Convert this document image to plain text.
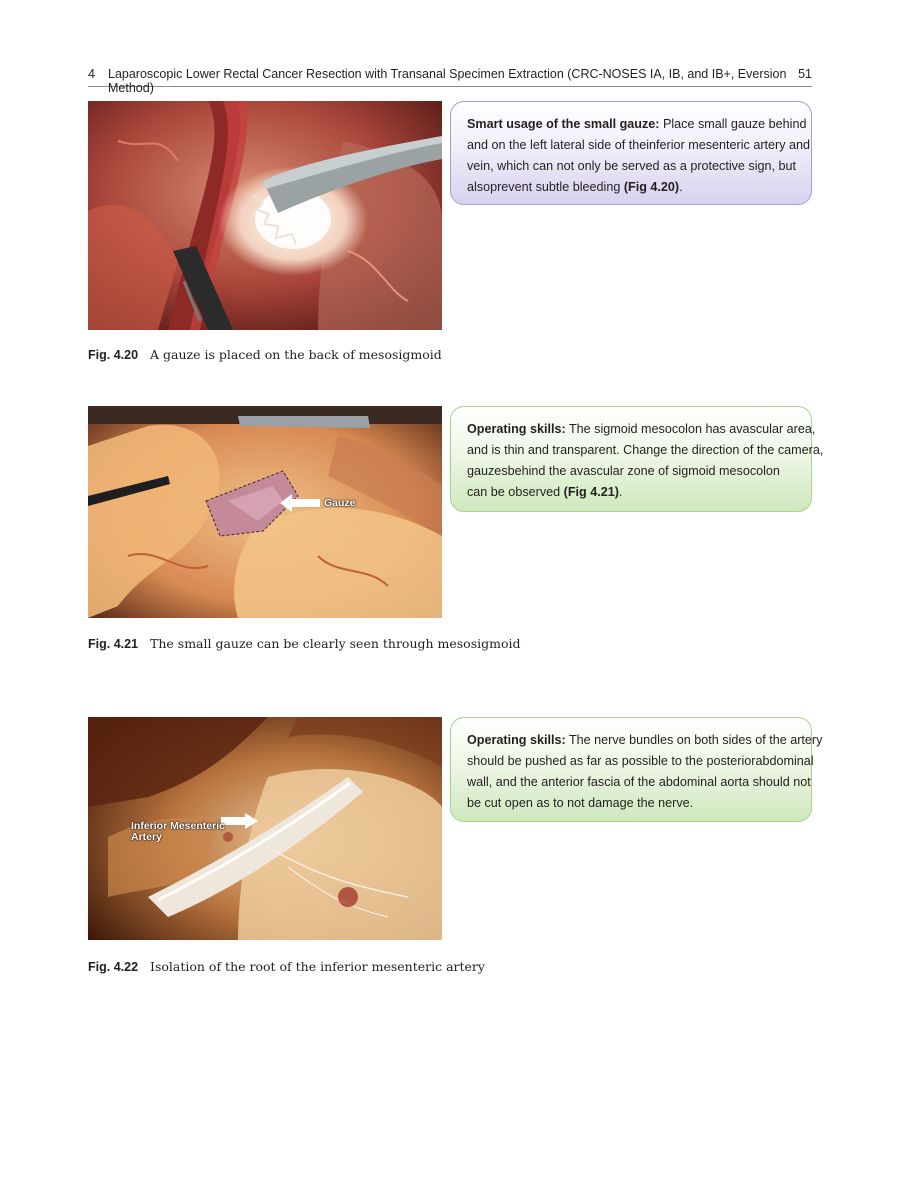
4 Laparoscopic Lower Rectal Cancer Resection with Transanal Specimen Extraction (CRC-NOSES IA, IB, and IB+, Eversion Method)
51
Fig. 4.20 A gauze is placed on the back of mesosigmoid
Smart usage of the small gauze: Place small gauze behind
and on the left lateral side of theinferior mesenteric artery and
vein, which can not only be served as a protective sign, but
alsoprevent subtle bleeding (Fig 4.20).
Gauze
Fig. 4.21 The small gauze can be clearly seen through mesosigmoid
Operating skills: The sigmoid mesocolon has avascular area,
and is thin and transparent. Change the direction of the camera,
gauzesbehind the avascular zone of sigmoid mesocolon
can be observed (Fig 4.21).
Inferior Mesenteric
Artery
Fig. 4.22 Isolation of the root of the inferior mesenteric artery
Operating skills: The nerve bundles on both sides of the artery
should be pushed as far as possible to the posteriorabdominal
wall, and the anterior fascia of the abdominal aorta should not
be cut open as to not damage the nerve.
